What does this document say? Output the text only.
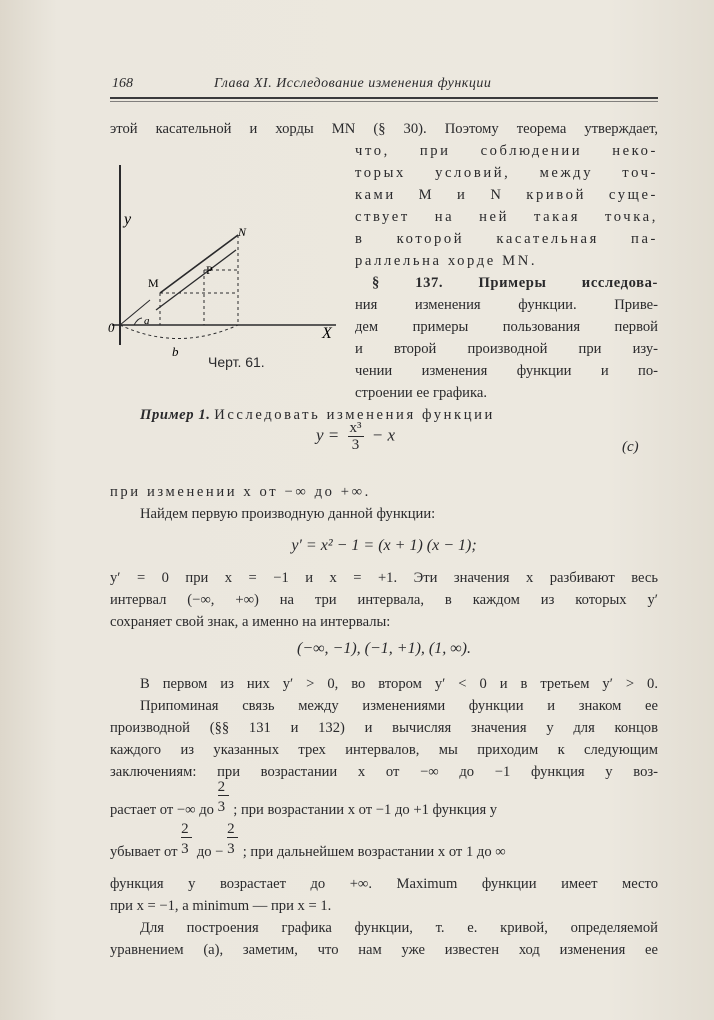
168	Глава XI. Исследование изменения функции
этой касательной и хорды MN (§ 30). Поэтому теорема утверждает,
что, при соблюдении неко-
торых условий, между точ-
ками M и N кривой суще-
ствует на ней такая точка,
в которой касательная па-
раллельна хорде MN.
§ 137. Примеры исследова-
ния изменения функции. Приве-
дем примеры пользования первой
и второй производной при изу-
чении изменения функции и по-
строении ее графика.
y
X
0
N
M
P
a
b
Черт. 61.
Пример 1. Исследовать изменения функции
$y = \frac{\text{x³}}{3} - x$
(c)
при изменении x от −∞ до +∞.
Найдем первую производную данной функции:
y′ = x² − 1 = (x + 1) (x − 1);
y′ = 0 при x = −1 и x = +1. Эти значения x разбивают весь
интервал (−∞, +∞) на три интервала, в каждом из которых y′
сохраняет свой знак, а именно на интервалы:
(−∞, −1), (−1, +1), (1, ∞).
В первом из них y′ > 0, во втором y′ < 0 и в третьем y′ > 0.
Припоминая связь между изменениями функции и знаком ее
производной (§§ 131 и 132) и вычисляя значения y для концов
каждого из указанных трех интервалов, мы приходим к следующим
заключениям: при возрастании x от −∞ до −1 функция y воз-
растает от −∞ до $\frac{2}{3}$ ; при возрастании x от −1 до +1 функция y
убывает от $\frac{2}{3}$ до − $\frac{2}{3}$ ; при дальнейшем возрастании x от 1 до ∞
функция y возрастает до +∞. Maximum функции имеет место
при x = −1, а minimum — при x = 1.
Для построения графика функции, т. е. кривой, определяемой
уравнением (a), заметим, что нам уже известен ход изменения ее
